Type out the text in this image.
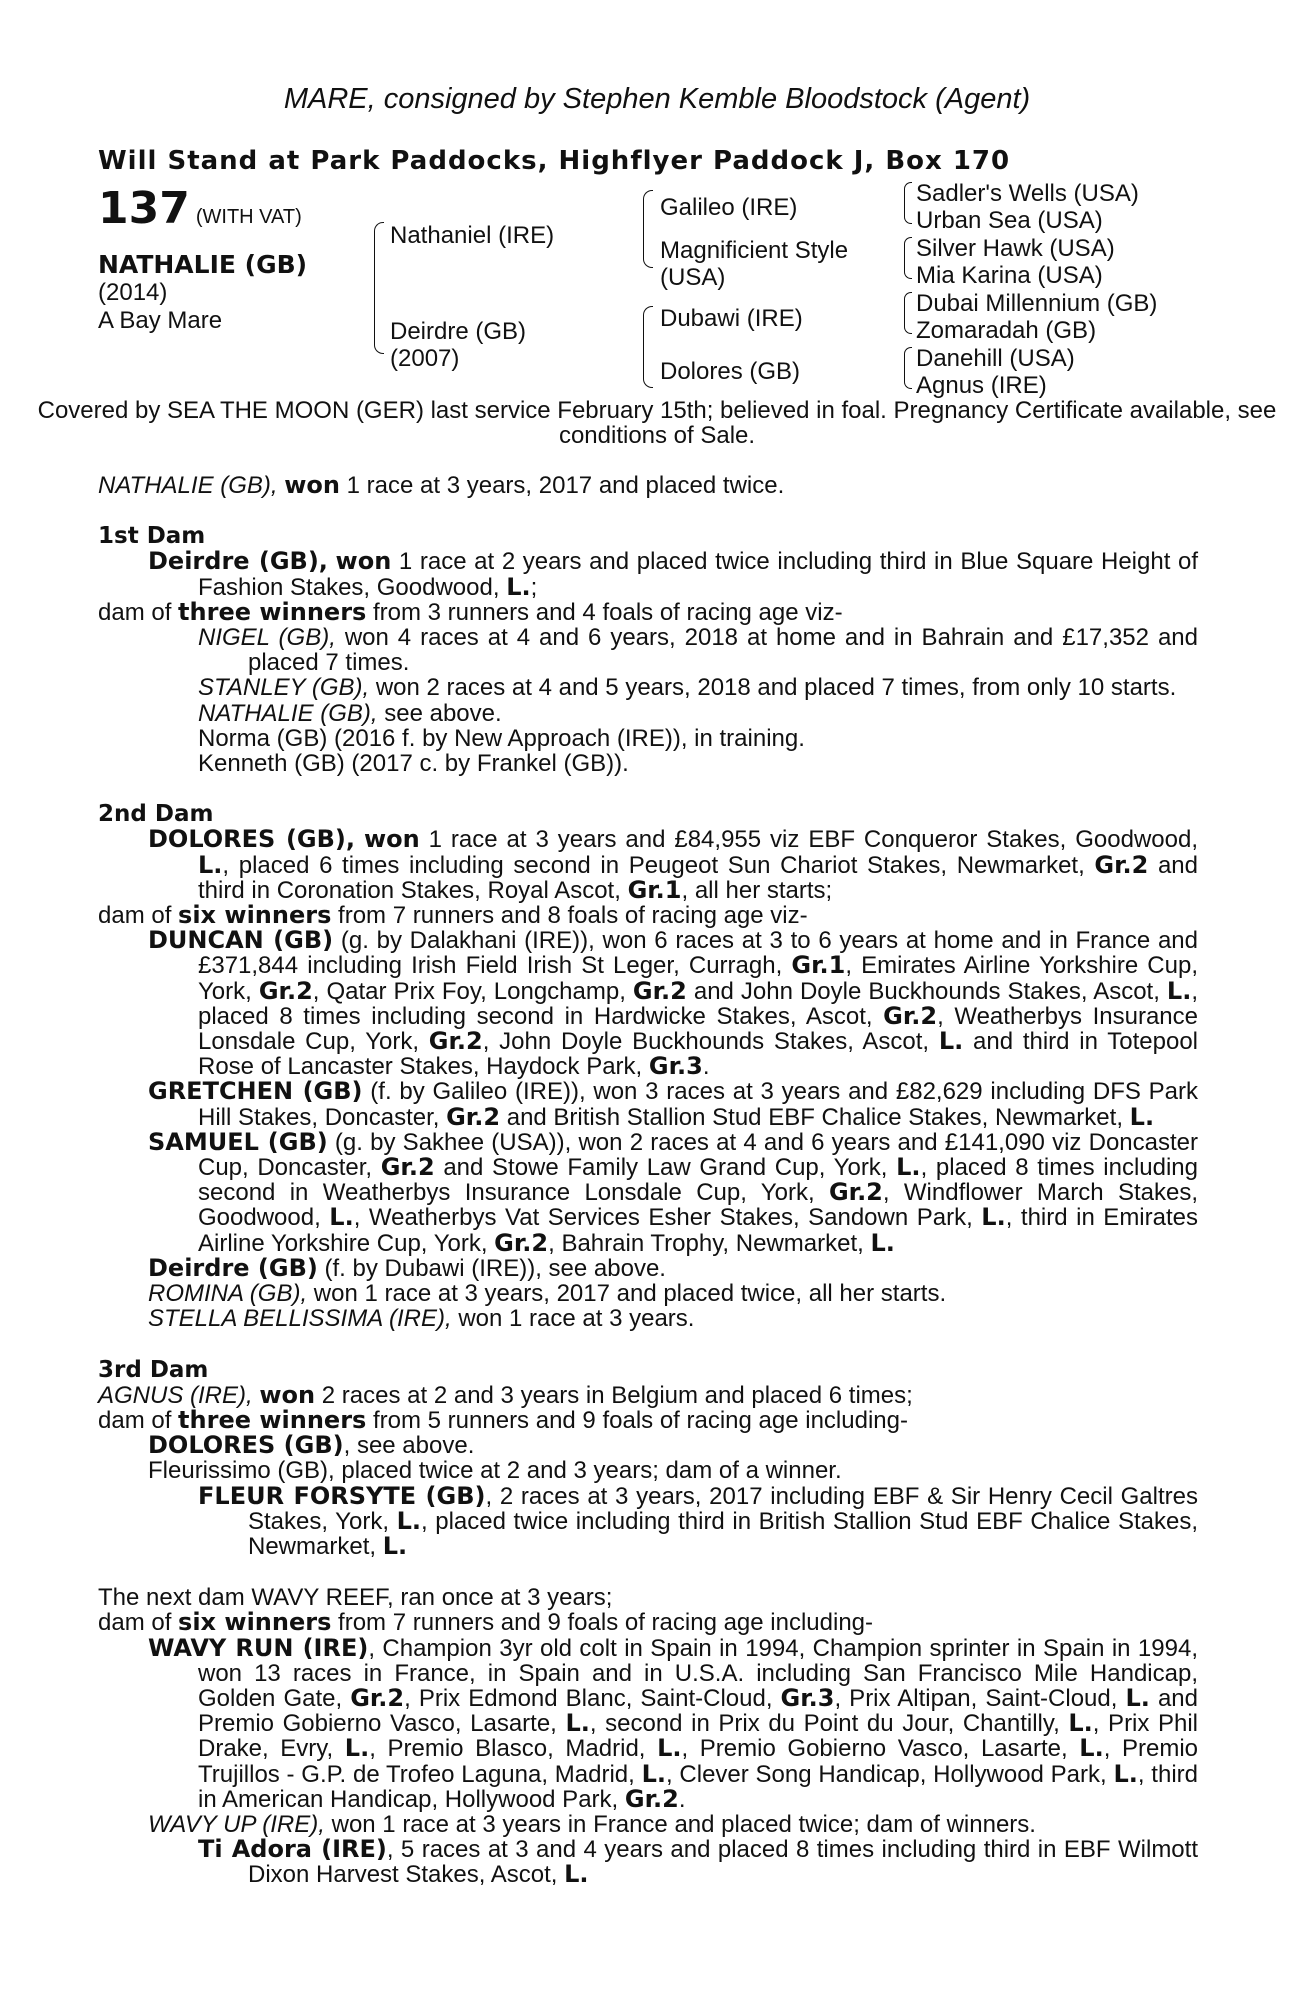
MARE, consigned by Stephen Kemble Bloodstock (Agent)
Will Stand at Park Paddocks, Highflyer Paddock J, Box 170
137 (WITH VAT)
NATHALIE (GB)
(2014)
A Bay Mare
Nathaniel (IRE)
Deirdre (GB)
(2007)
Galileo (IRE)
Magnificient Style
(USA)
Dubawi (IRE)
Dolores (GB)
Sadler's Wells (USA)
Urban Sea (USA)
Silver Hawk (USA)
Mia Karina (USA)
Dubai Millennium (GB)
Zomaradah (GB)
Danehill (USA)
Agnus (IRE)
Covered by SEA THE MOON (GER) last service February 15th; believed in foal. Pregnancy Certificate available, see conditions of Sale.

NATHALIE (GB), won 1 race at 3 years, 2017 and placed twice.

1st Dam

Deirdre (GB), won 1 race at 2 years and placed twice including third in Blue Square Height of Fashion Stakes, Goodwood, L.;

dam of three winners from 3 runners and 4 foals of racing age viz-

NIGEL (GB), won 4 races at 4 and 6 years, 2018 at home and in Bahrain and £17,352 and placed 7 times.

STANLEY (GB), won 2 races at 4 and 5 years, 2018 and placed 7 times, from only 10 starts.

NATHALIE (GB), see above.

Norma (GB) (2016 f. by New Approach (IRE)), in training.

Kenneth (GB) (2017 c. by Frankel (GB)).

2nd Dam

DOLORES (GB), won 1 race at 3 years and £84,955 viz EBF Conqueror Stakes, Goodwood, L., placed 6 times including second in Peugeot Sun Chariot Stakes, Newmarket, Gr.2 and third in Coronation Stakes, Royal Ascot, Gr.1, all her starts;

dam of six winners from 7 runners and 8 foals of racing age viz-

DUNCAN (GB) (g. by Dalakhani (IRE)), won 6 races at 3 to 6 years at home and in France and £371,844 including Irish Field Irish St Leger, Curragh, Gr.1, Emirates Airline Yorkshire Cup, York, Gr.2, Qatar Prix Foy, Longchamp, Gr.2 and John Doyle Buckhounds Stakes, Ascot, L., placed 8 times including second in Hardwicke Stakes, Ascot, Gr.2, Weatherbys Insurance Lonsdale Cup, York, Gr.2, John Doyle Buckhounds Stakes, Ascot, L. and third in Totepool Rose of Lancaster Stakes, Haydock Park, Gr.3.

GRETCHEN (GB) (f. by Galileo (IRE)), won 3 races at 3 years and £82,629 including DFS Park Hill Stakes, Doncaster, Gr.2 and British Stallion Stud EBF Chalice Stakes, Newmarket, L.

SAMUEL (GB) (g. by Sakhee (USA)), won 2 races at 4 and 6 years and £141,090 viz Doncaster Cup, Doncaster, Gr.2 and Stowe Family Law Grand Cup, York, L., placed 8 times including second in Weatherbys Insurance Lonsdale Cup, York, Gr.2, Windflower March Stakes, Goodwood, L., Weatherbys Vat Services Esher Stakes, Sandown Park, L., third in Emirates Airline Yorkshire Cup, York, Gr.2, Bahrain Trophy, Newmarket, L.

Deirdre (GB) (f. by Dubawi (IRE)), see above.

ROMINA (GB), won 1 race at 3 years, 2017 and placed twice, all her starts.

STELLA BELLISSIMA (IRE), won 1 race at 3 years.

3rd Dam

AGNUS (IRE), won 2 races at 2 and 3 years in Belgium and placed 6 times;

dam of three winners from 5 runners and 9 foals of racing age including-

DOLORES (GB), see above.

Fleurissimo (GB), placed twice at 2 and 3 years; dam of a winner.

FLEUR FORSYTE (GB), 2 races at 3 years, 2017 including EBF & Sir Henry Cecil Galtres Stakes, York, L., placed twice including third in British Stallion Stud EBF Chalice Stakes, Newmarket, L.

The next dam WAVY REEF, ran once at 3 years;

dam of six winners from 7 runners and 9 foals of racing age including-

WAVY RUN (IRE), Champion 3yr old colt in Spain in 1994, Champion sprinter in Spain in 1994, won 13 races in France, in Spain and in U.S.A. including San Francisco Mile Handicap, Golden Gate, Gr.2, Prix Edmond Blanc, Saint-Cloud, Gr.3, Prix Altipan, Saint-Cloud, L. and Premio Gobierno Vasco, Lasarte, L., second in Prix du Point du Jour, Chantilly, L., Prix Phil Drake, Evry, L., Premio Blasco, Madrid, L., Premio Gobierno Vasco, Lasarte, L., Premio Trujillos - G.P. de Trofeo Laguna, Madrid, L., Clever Song Handicap, Hollywood Park, L., third in American Handicap, Hollywood Park, Gr.2.

WAVY UP (IRE), won 1 race at 3 years in France and placed twice; dam of winners.

Ti Adora (IRE), 5 races at 3 and 4 years and placed 8 times including third in EBF Wilmott Dixon Harvest Stakes, Ascot, L.
